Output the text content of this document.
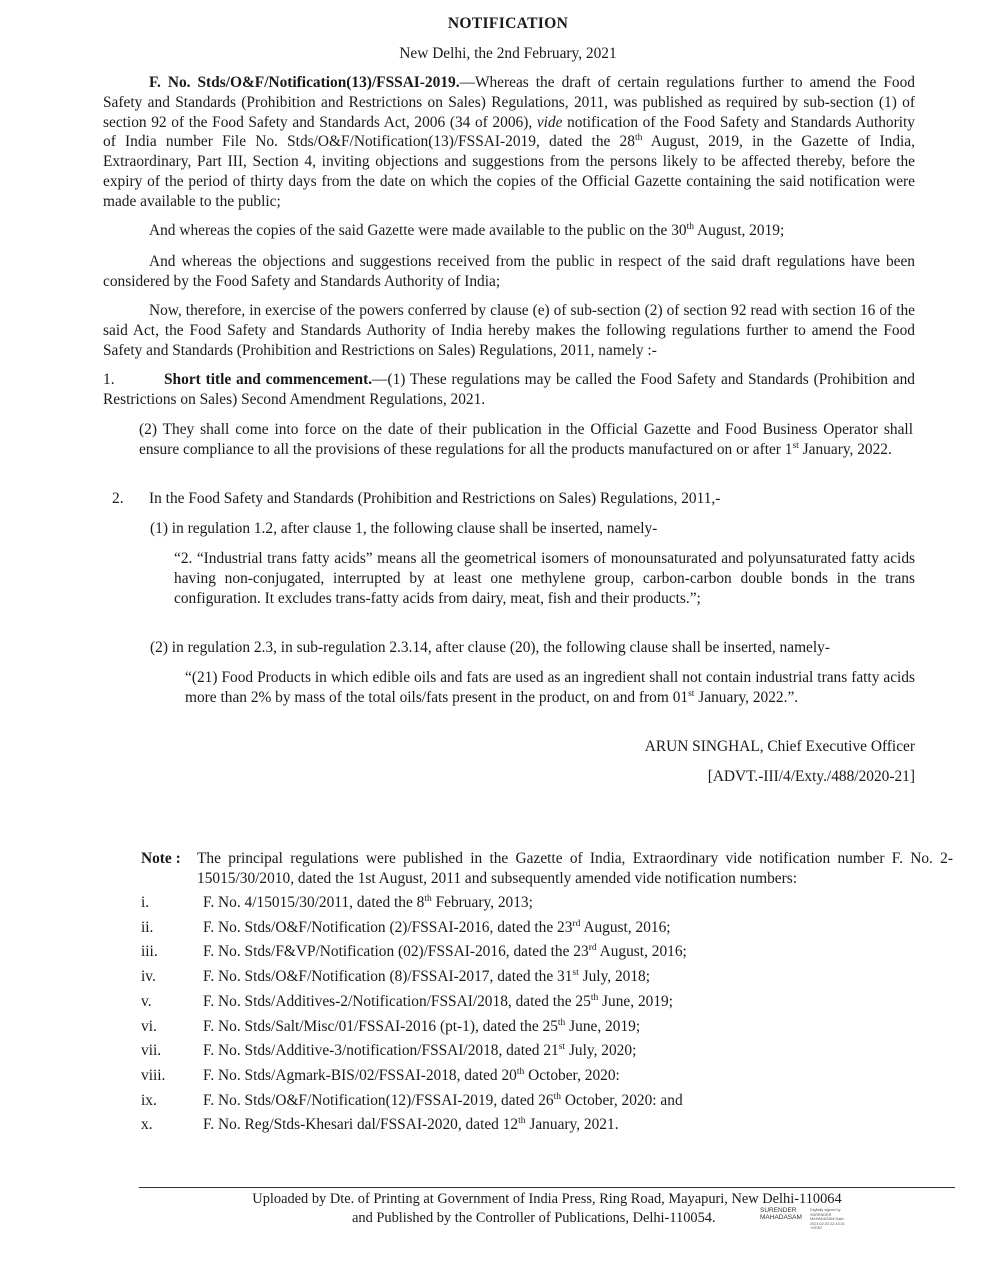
NOTIFICATION
New Delhi, the 2nd February, 2021
F. No. Stds/O&F/Notification(13)/FSSAI-2019.—Whereas the draft of certain regulations further to amend the Food Safety and Standards (Prohibition and Restrictions on Sales) Regulations, 2011, was published as required by sub-section (1) of section 92 of the Food Safety and Standards Act, 2006 (34 of 2006), vide notification of the Food Safety and Standards Authority of India number File No. Stds/O&F/Notification(13)/FSSAI-2019, dated the 28th August, 2019, in the Gazette of India, Extraordinary, Part III, Section 4, inviting objections and suggestions from the persons likely to be affected thereby, before the expiry of the period of thirty days from the date on which the copies of the Official Gazette containing the said notification were made available to the public;
And whereas the copies of the said Gazette were made available to the public on the 30th August, 2019;
And whereas the objections and suggestions received from the public in respect of the said draft regulations have been considered by the Food Safety and Standards Authority of India;
Now, therefore, in exercise of the powers conferred by clause (e) of sub-section (2) of section 92 read with section 16 of the said Act, the Food Safety and Standards Authority of India hereby makes the following regulations further to amend the Food Safety and Standards (Prohibition and Restrictions on Sales) Regulations, 2011, namely :-
1.	Short title and commencement.—(1) These regulations may be called the Food Safety and Standards (Prohibition and Restrictions on Sales) Second Amendment Regulations, 2021.
(2) They shall come into force on the date of their publication in the Official Gazette and Food Business Operator shall ensure compliance to all the provisions of these regulations for all the products manufactured on or after 1st January, 2022.
2. In the Food Safety and Standards (Prohibition and Restrictions on Sales) Regulations, 2011,-
(1) in regulation 1.2, after clause 1, the following clause shall be inserted, namely-
“2. “Industrial trans fatty acids” means all the geometrical isomers of monounsaturated and polyunsaturated fatty acids having non-conjugated, interrupted by at least one methylene group, carbon-carbon double bonds in the trans configuration. It excludes trans-fatty acids from dairy, meat, fish and their products.”;
(2) in regulation 2.3, in sub-regulation 2.3.14, after clause (20), the following clause shall be inserted, namely-
“(21) Food Products in which edible oils and fats are used as an ingredient shall not contain industrial trans fatty acids more than 2% by mass of the total oils/fats present in the product, on and from 01st January, 2022.”.
ARUN SINGHAL, Chief Executive Officer
[ADVT.-III/4/Exty./488/2020-21]
Note : The principal regulations were published in the Gazette of India, Extraordinary vide notification number F. No. 2-15015/30/2010, dated the 1st August, 2011 and subsequently amended vide notification numbers:
i.	F. No. 4/15015/30/2011, dated the 8th February, 2013;
ii.	F. No. Stds/O&F/Notification (2)/FSSAI-2016, dated the 23rd August, 2016;
iii.	F. No. Stds/F&VP/Notification (02)/FSSAI-2016, dated the 23rd August, 2016;
iv.	F. No. Stds/O&F/Notification (8)/FSSAI-2017, dated the 31st July, 2018;
v.	F. No. Stds/Additives-2/Notification/FSSAI/2018, dated the 25th June, 2019;
vi.	F. No. Stds/Salt/Misc/01/FSSAI-2016 (pt-1), dated the 25th June, 2019;
vii.	F. No. Stds/Additive-3/notification/FSSAI/2018, dated 21st July, 2020;
viii. F. No. Stds/Agmark-BIS/02/FSSAI-2018, dated 20th October, 2020:
ix.	F. No. Stds/O&F/Notification(12)/FSSAI-2019, dated 26th October, 2020: and
x.	F. No. Reg/Stds-Khesari dal/FSSAI-2020, dated 12th January, 2021.
Uploaded by Dte. of Printing at Government of India Press, Ring Road, Mayapuri, New Delhi-110064
and Published by the Controller of Publications, Delhi-110054.	SURENDER
MAHADASAM
Digitally signed by SURENDER MAHADASAM Date: 2021.02.03 22:43:21 +05'30'
